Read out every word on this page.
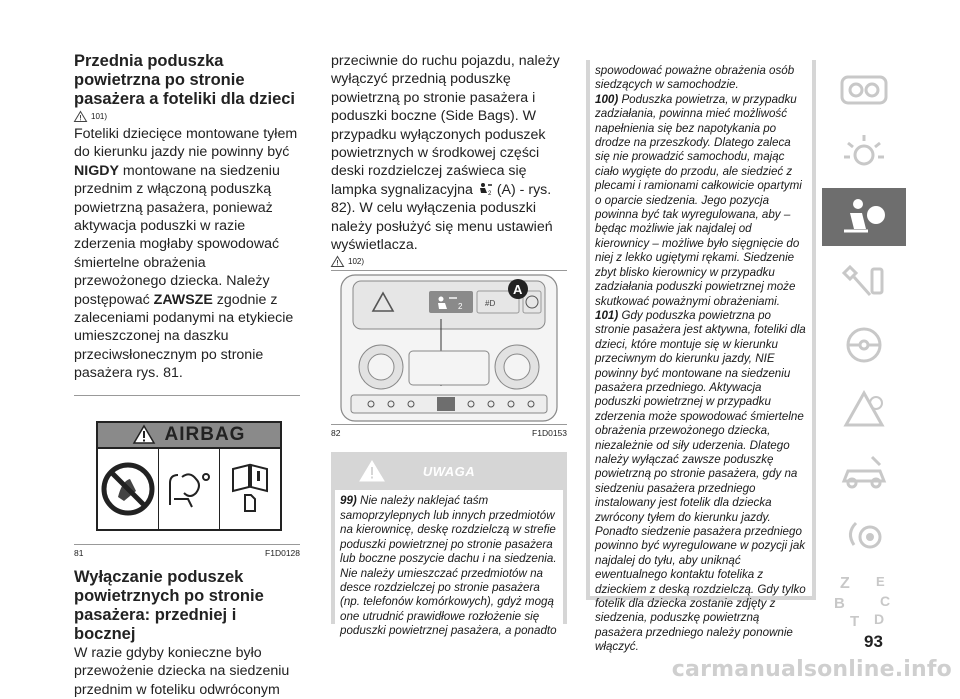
Przednia poduszka powietrzna po stronie pasażera a foteliki dla dzieci
101)

Foteliki dziecięce montowane tyłem do kierunku jazdy nie powinny być NIGDY montowane na siedzeniu przednim z włączoną poduszką powietrzną pasażera, ponieważ aktywacja poduszki w razie zderzenia mogłaby spowodować śmiertelne obrażenia przewożonego dziecka. Należy postępować ZAWSZE zgodnie z zaleceniami podanymi na etykiecie umieszczonej na daszku przeciwsłonecznym po stronie pasażera rys. 81.

AIRBAG
81	F1D0128
Wyłączanie poduszek powietrznych po stronie pasażera: przedniej i bocznej

W razie gdyby konieczne było przewożenie dziecka na siedzeniu przednim w foteliku odwróconym

przeciwnie do ruchu pojazdu, należy wyłączyć przednią poduszkę powietrzną po stronie pasażera i poduszki boczne (Side Bags). W przypadku wyłączonych poduszek powietrznych w środkowej części deski rozdzielczej zaświeca się lampka sygnalizacyjna 2 (A) - rys. 82). W celu wyłączenia poduszki należy posłużyć się menu ustawień wyświetlacza.

102)
2	#D
A
82	F1D0153
UWAGA
99) Nie należy naklejać taśm samoprzylepnych lub innych przedmiotów na kierownicę, deskę rozdzielczą w strefie poduszki powietrznej po stronie pasażera lub boczne poszycie dachu i na siedzenia. Nie należy umieszczać przedmiotów na desce rozdzielczej po stronie pasażera (np. telefonów komórkowych), gdyż mogą one utrudnić prawidłowe rozłożenie się poduszki powietrznej pasażera, a ponadto
spowodować poważne obrażenia osób siedzących w samochodzie.
100) Poduszka powietrza, w przypadku zadziałania, powinna mieć możliwość napełnienia się bez napotykania po drodze na przeszkody. Dlatego zaleca się nie prowadzić samochodu, mając ciało wygięte do przodu, ale siedzieć z plecami i ramionami całkowicie opartymi o oparcie siedzenia. Jego pozycja powinna być tak wyregulowana, aby – będąc możliwie jak najdalej od kierownicy – możliwe było sięgnięcie do niej z lekko ugiętymi rękami. Siedzenie zbyt blisko kierownicy w przypadku zadziałania poduszki powietrznej może skutkować poważnymi obrażeniami.
101) Gdy poduszka powietrzna po stronie pasażera jest aktywna, foteliki dla dzieci, które montuje się w kierunku przeciwnym do kierunku jazdy, NIE powinny być montowane na siedzeniu pasażera przedniego. Aktywacja poduszki powietrznej w przypadku zderzenia może spowodować śmiertelne obrażenia przewożonego dziecka, niezależnie od siły uderzenia. Dlatego należy wyłączać zawsze poduszkę powietrzną po stronie pasażera, gdy na siedzeniu pasażera przedniego instalowany jest fotelik dla dziecka zwrócony tyłem do kierunku jazdy. Ponadto siedzenie pasażera przedniego powinno być wyregulowane w pozycji jak najdalej do tyłu, aby uniknąć ewentualnego kontaktu fotelika z dzieckiem z deską rozdzielczą. Gdy tylko fotelik dla dziecka zostanie zdjęty z siedzenia, poduszkę powietrzną pasażera przedniego należy ponownie włączyć.
Z E
B	C
T D
93
carmanualsonline.info
